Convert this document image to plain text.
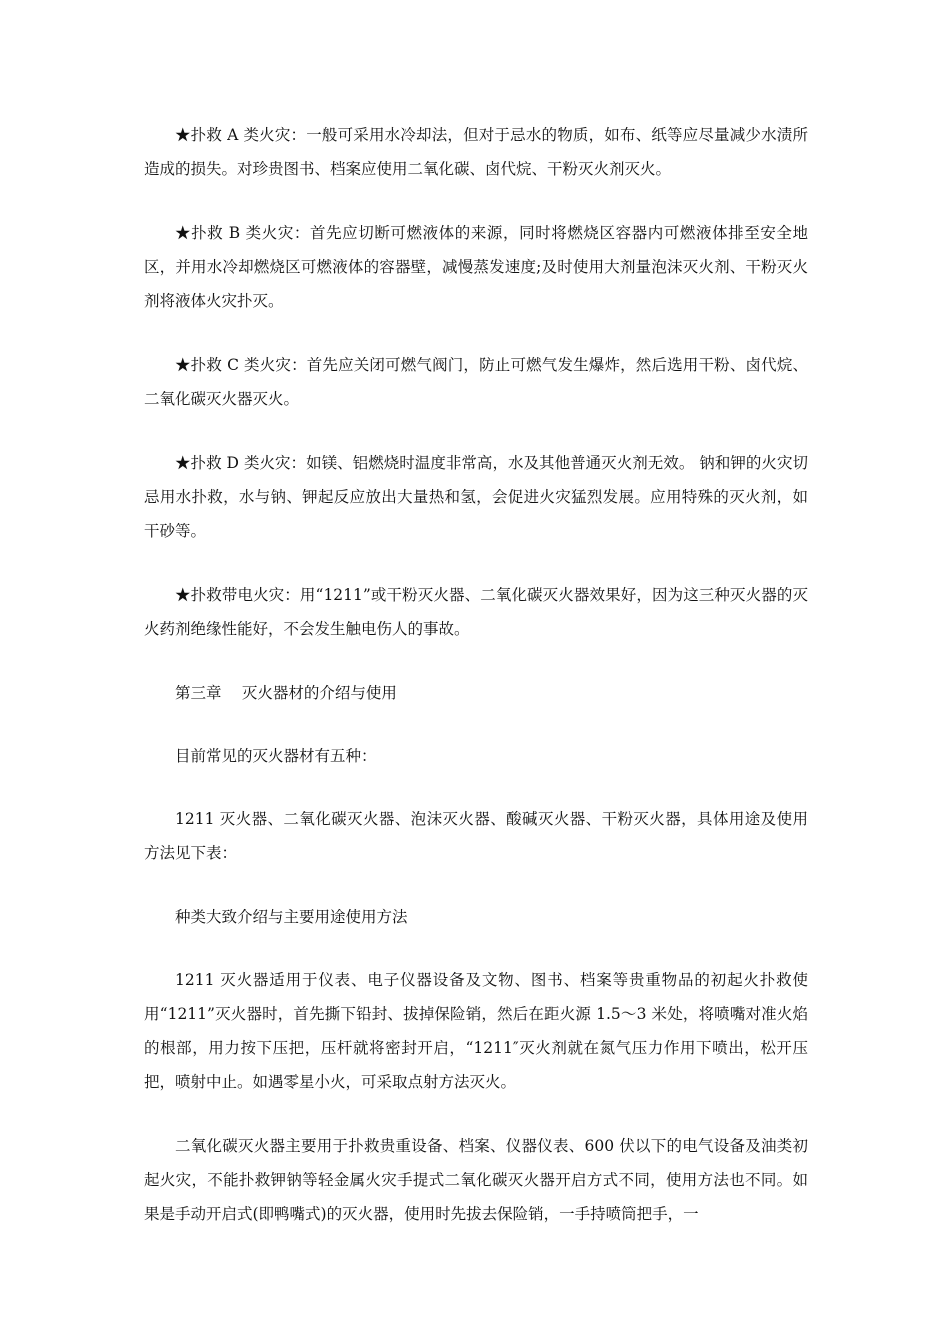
★扑救 A 类火灾：一般可采用水冷却法，但对于忌水的物质，如布、纸等应尽量减少水渍所造成的损失。对珍贵图书、档案应使用二氧化碳、卤代烷、干粉灭火剂灭火。

★扑救 B 类火灾：首先应切断可燃液体的来源，同时将燃烧区容器内可燃液体排至安全地区，并用水冷却燃烧区可燃液体的容器壁，减慢蒸发速度;及时使用大剂量泡沫灭火剂、干粉灭火剂将液体火灾扑灭。

★扑救 C 类火灾：首先应关闭可燃气阀门，防止可燃气发生爆炸，然后选用干粉、卤代烷、二氧化碳灭火器灭火。

★扑救 D 类火灾：如镁、铝燃烧时温度非常高，水及其他普通灭火剂无效。 钠和钾的火灾切忌用水扑救，水与钠、钾起反应放出大量热和氢，会促进火灾猛烈发展。应用特殊的灭火剂，如干砂等。

★扑救带电火灾：用“1211”或干粉灭火器、二氧化碳灭火器效果好，因为这三种灭火器的灭火药剂绝缘性能好，不会发生触电伤人的事故。

第三章　 灭火器材的介绍与使用

目前常见的灭火器材有五种：

1211 灭火器、二氧化碳灭火器、泡沫灭火器、酸碱灭火器、干粉灭火器，具体用途及使用方法见下表：

种类大致介绍与主要用途使用方法

1211 灭火器适用于仪表、电子仪器设备及文物、图书、档案等贵重物品的初起火扑救使用“1211”灭火器时，首先撕下铅封、拔掉保险销，然后在距火源 1.5～3 米处，将喷嘴对准火焰的根部，用力按下压把，压杆就将密封开启，“1211″灭火剂就在氮气压力作用下喷出，松开压把，喷射中止。如遇零星小火，可采取点射方法灭火。

二氧化碳灭火器主要用于扑救贵重设备、档案、仪器仪表、600 伏以下的电气设备及油类初起火灾，不能扑救钾钠等轻金属火灾手提式二氧化碳灭火器开启方式不同，使用方法也不同。如果是手动开启式(即鸭嘴式)的灭火器，使用时先拔去保险销，一手持喷筒把手，一
